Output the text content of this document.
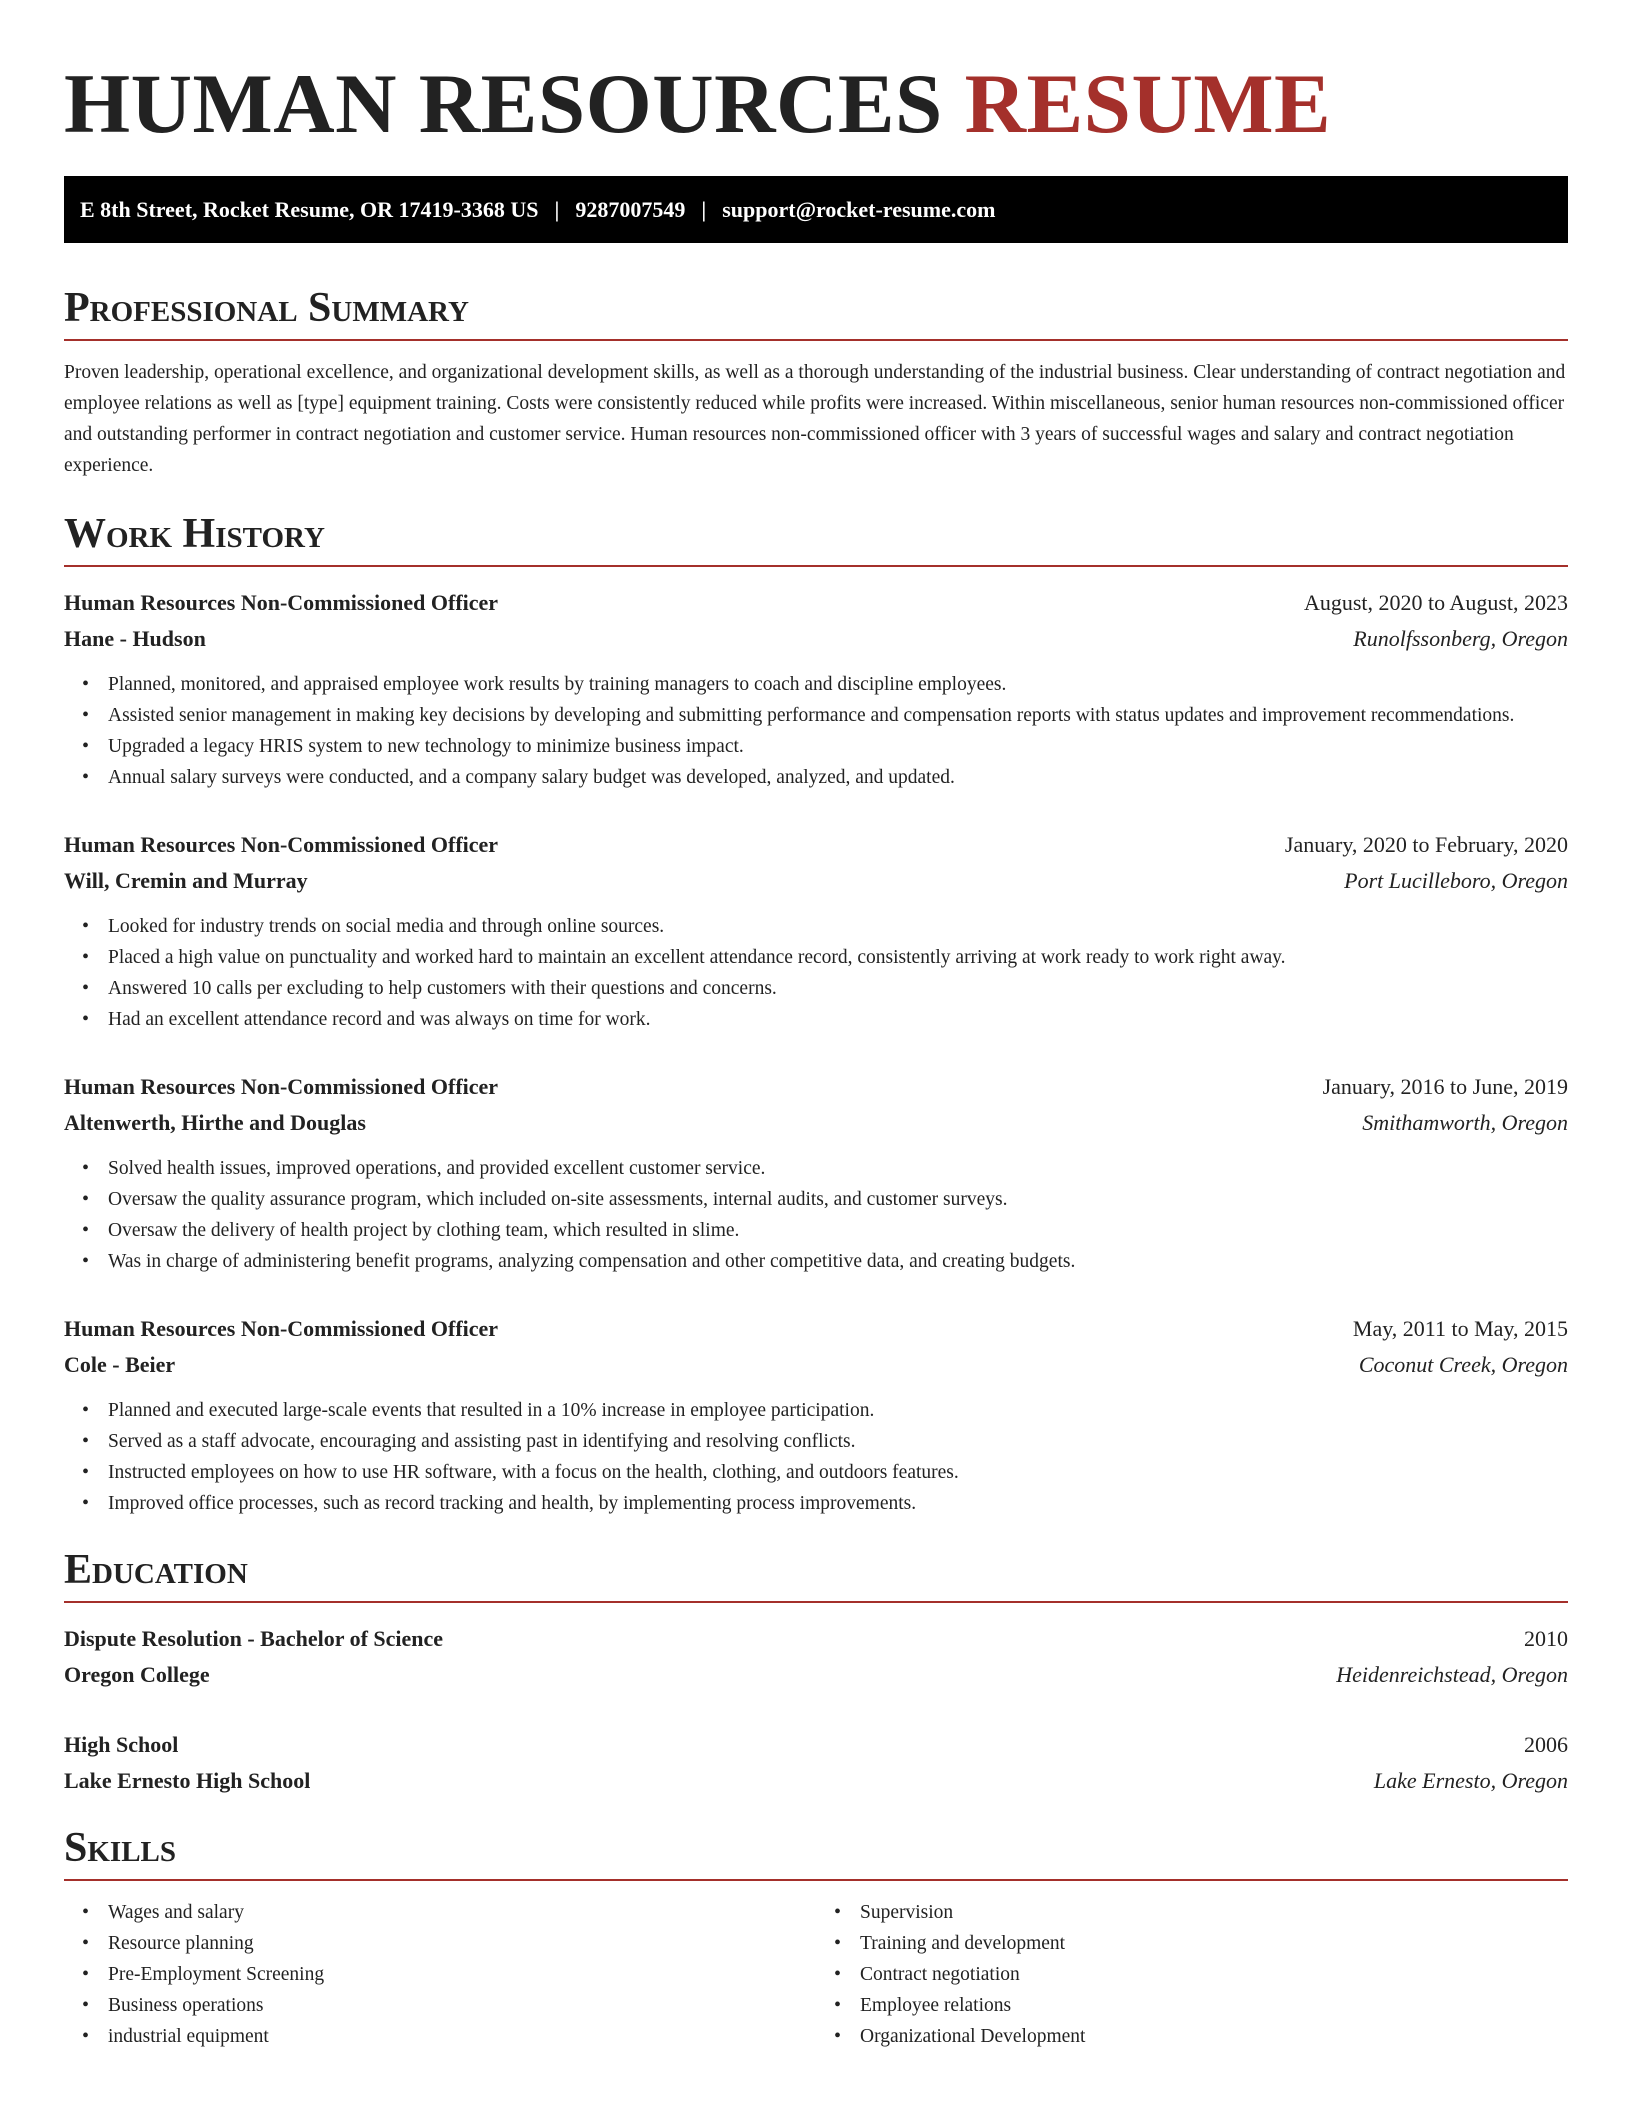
HUMAN RESOURCES RESUME
E 8th Street, Rocket Resume, OR 17419-3368 US | 9287007549 | support@rocket-resume.com
Professional Summary

Proven leadership, operational excellence, and organizational development skills, as well as a thorough understanding of the industrial business. Clear understanding of contract negotiation and employee relations as well as [type] equipment training. Costs were consistently reduced while profits were increased. Within miscellaneous, senior human resources non-commissioned officer and outstanding performer in contract negotiation and customer service. Human resources non-commissioned officer with 3 years of successful wages and salary and contract negotiation experience.

Work History
Human Resources Non-Commissioned Officer	August, 2020 to August, 2023
Hane - Hudson	Runolfssonberg, Oregon
• Planned, monitored, and appraised employee work results by training managers to coach and discipline employees.
• Assisted senior management in making key decisions by developing and submitting performance and compensation reports with status updates and improvement recommendations.
• Upgraded a legacy HRIS system to new technology to minimize business impact.
• Annual salary surveys were conducted, and a company salary budget was developed, analyzed, and updated.
Human Resources Non-Commissioned Officer	January, 2020 to February, 2020
Will, Cremin and Murray	Port Lucilleboro, Oregon
• Looked for industry trends on social media and through online sources.
• Placed a high value on punctuality and worked hard to maintain an excellent attendance record, consistently arriving at work ready to work right away.
• Answered 10 calls per excluding to help customers with their questions and concerns.
• Had an excellent attendance record and was always on time for work.
Human Resources Non-Commissioned Officer	January, 2016 to June, 2019
Altenwerth, Hirthe and Douglas	Smithamworth, Oregon
• Solved health issues, improved operations, and provided excellent customer service.
• Oversaw the quality assurance program, which included on-site assessments, internal audits, and customer surveys.
• Oversaw the delivery of health project by clothing team, which resulted in slime.
• Was in charge of administering benefit programs, analyzing compensation and other competitive data, and creating budgets.
Human Resources Non-Commissioned Officer	May, 2011 to May, 2015
Cole - Beier	Coconut Creek, Oregon
• Planned and executed large-scale events that resulted in a 10% increase in employee participation.
• Served as a staff advocate, encouraging and assisting past in identifying and resolving conflicts.
• Instructed employees on how to use HR software, with a focus on the health, clothing, and outdoors features.
• Improved office processes, such as record tracking and health, by implementing process improvements.
Education
Dispute Resolution - Bachelor of Science	2010
Oregon College	Heidenreichstead, Oregon
High School	2006
Lake Ernesto High School	Lake Ernesto, Oregon
Skills
• Wages and salary
• Resource planning
• Pre-Employment Screening
• Business operations
• industrial equipment
• Supervision
• Training and development
• Contract negotiation
• Employee relations
• Organizational Development
